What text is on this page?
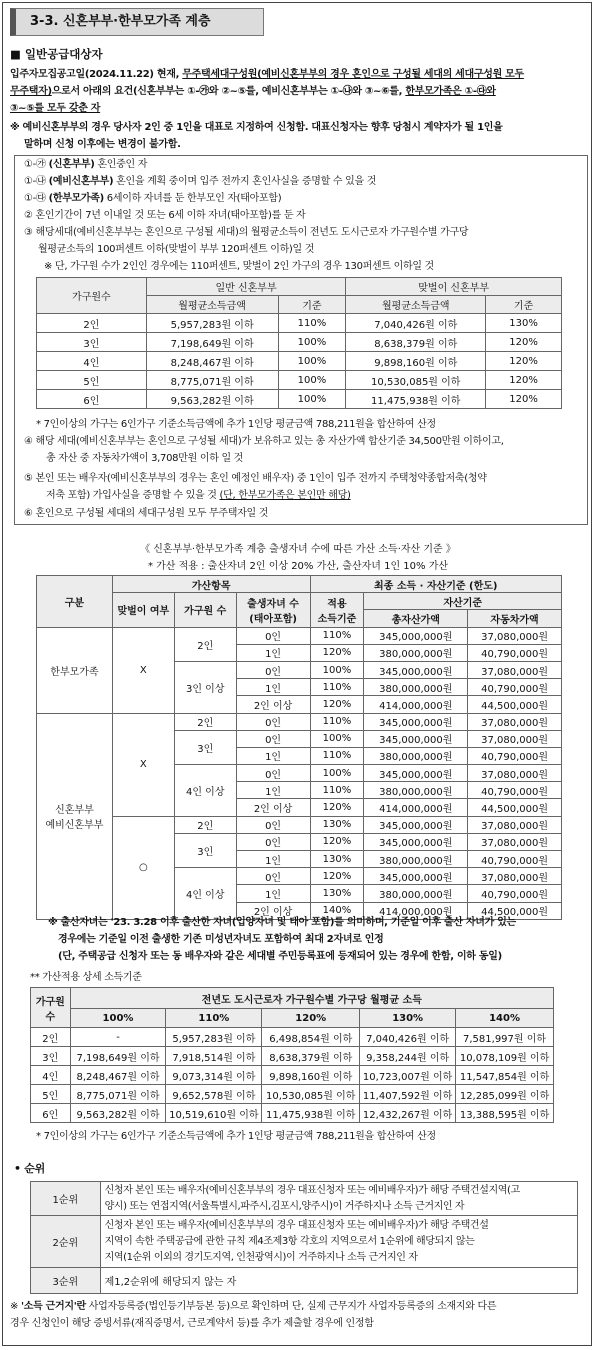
3-3. 신혼부부·한부모가족 계층
■ 일반공급대상자
입주자모집공고일(2024.11.22) 현재, 무주택세대구성원(예비신혼부부의 경우 혼인으로 구성될 세대의 세대구성원 모두
무주택자)으로서 아래의 요건(신혼부부는 ①-㉮와 ②~⑤를, 예비신혼부부는 ①-㉯와 ③~⑥를, 한부모가족은 ①-㉰와
③~⑤를 모두 갖춘 자
※ 예비신혼부부의 경우 당사자 2인 중 1인을 대표로 지정하여 신청함. 대표신청자는 향후 당첨시 계약자가 될 1인을
말하며 신청 이후에는 변경이 불가함.
①-㉮ (신혼부부) 혼인중인 자
①-㉯ (예비신혼부부) 혼인을 계획 중이며 입주 전까지 혼인사실을 증명할 수 있을 것
①-㉰ (한부모가족) 6세이하 자녀를 둔 한부모인 자(태아포함)
② 혼인기간이 7년 이내일 것 또는 6세 이하 자녀(태아포함)를 둔 자
③ 해당세대(예비신혼부부는 혼인으로 구성될 세대)의 월평균소득이 전년도 도시근로자 가구원수별 가구당
월평균소득의 100퍼센트 이하(맞벌이 부부 120퍼센트 이하)일 것
※ 단, 가구원 수가 2인인 경우에는 110퍼센트, 맞벌이 2인 가구의 경우 130퍼센트 이하일 것
가구원수	일반 신혼부부		맞벌이 신혼부부	
	월평균소득금액	기준	월평균소득금액	기준
2인	5,957,283원 이하	110%	7,040,426원 이하	130%
3인	7,198,649원 이하	100%	8,638,379원 이하	120%
4인	8,248,467원 이하	100%	9,898,160원 이하	120%
5인	8,775,071원 이하	100%	10,530,085원 이하	120%
6인	9,563,282원 이하	100%	11,475,938원 이하	120%
* 7인이상의 가구는 6인가구 기준소득금액에 추가 1인당 평균금액 788,211원을 합산하여 산정
④ 해당 세대(예비신혼부부는 혼인으로 구성될 세대)가 보유하고 있는 총 자산가액 합산기준 34,500만원 이하이고,
총 자산 중 자동차가액이 3,708만원 이하 일 것
⑤ 본인 또는 배우자(예비신혼부부의 경우는 혼인 예정인 배우자) 중 1인이 입주 전까지 주택청약종합저축(청약
저축 포함) 가입사실을 증명할 수 있을 것 (단, 한부모가족은 본인만 해당)
⑥ 혼인으로 구성될 세대의 세대구성원 모두 무주택자일 것
《 신혼부부·한부모가족 계층 출생자녀 수에 따른 가산 소득·자산 기준 》
* 가산 적용 : 출산자녀 2인 이상 20% 가산, 출산자녀 1인 10% 가산
구분	가산항목			최종 소득 · 자산기준 (한도)		
	맞벌이 여부	가구원 수	출생자녀 수
(태아포함)	적용
소득기준	자산기준	
					총자산가액	자동차가액
한부모가족	X	2인	0인	110%	345,000,000원	37,080,000원
			1인	120%	380,000,000원	40,790,000원
		3인 이상	0인	100%	345,000,000원	37,080,000원
			1인	110%	380,000,000원	40,790,000원
			2인 이상	120%	414,000,000원	44,500,000원
신혼부부
예비신혼부부	X	2인	0인	110%	345,000,000원	37,080,000원
		3인	0인	100%	345,000,000원	37,080,000원
			1인	110%	380,000,000원	40,790,000원
		4인 이상	0인	100%	345,000,000원	37,080,000원
			1인	110%	380,000,000원	40,790,000원
			2인 이상	120%	414,000,000원	44,500,000원
	○	2인	0인	130%	345,000,000원	37,080,000원
		3인	0인	120%	345,000,000원	37,080,000원
			1인	130%	380,000,000원	40,790,000원
		4인 이상	0인	120%	345,000,000원	37,080,000원
			1인	130%	380,000,000원	40,790,000원
			2인 이상	140%	414,000,000원	44,500,000원
※ 출산자녀는 '23. 3.28 이후 출산한 자녀(입양자녀 및 태아 포함)를 의미하며, 기준일 이후 출산 자녀가 있는
경우에는 기준일 이전 출생한 기존 미성년자녀도 포함하여 최대 2자녀로 인정
(단, 주택공급 신청자 또는 동 배우자와 같은 세대별 주민등록표에 등재되어 있는 경우에 한함, 이하 동일)
** 가산적용 상세 소득기준
가구원수	전년도 도시근로자 가구원수별 가구당 월평균 소득				
	100%	110%	120%	130%	140%
2인	-	5,957,283원 이하	6,498,854원 이하	7,040,426원 이하	7,581,997원 이하
3인	7,198,649원 이하	7,918,514원 이하	8,638,379원 이하	9,358,244원 이하	10,078,109원 이하
4인	8,248,467원 이하	9,073,314원 이하	9,898,160원 이하	10,723,007원 이하	11,547,854원 이하
5인	8,775,071원 이하	9,652,578원 이하	10,530,085원 이하	11,407,592원 이하	12,285,099원 이하
6인	9,563,282원 이하	10,519,610원 이하	11,475,938원 이하	12,432,267원 이하	13,388,595원 이하
* 7인이상의 가구는 6인가구 기준소득금액에 추가 1인당 평균금액 788,211원을 합산하여 산정
• 순위
1순위	신청자 본인 또는 배우자(예비신혼부부의 경우 대표신청자 또는 예비배우자)가 해당 주택건설지역(고
양시) 또는 연접지역(서울특별시,파주시,김포시,양주시)이 거주하지나 소득 근거지인 자
2순위	신청자 본인 또는 배우자(예비신혼부부의 경우 대표신청자 또는 예비배우자)가 해당 주택건설
지역이 속한 주택공급에 관한 규칙 제4조제3항 각호의 지역으로서 1순위에 해당되지 않는
지역(1순위 이외의 경기도지역, 인천광역시)이 거주하지나 소득 근거지인 자
3순위	제1,2순위에 해당되지 않는 자
※ '소득 근거지'란 사업자등록증(법인등기부등본 등)으로 확인하며 단, 실제 근무지가 사업자등록증의 소재지와 다른
경우 신청인이 해당 증빙서류(재직증명서, 근로계약서 등)를 추가 제출할 경우에 인정함
